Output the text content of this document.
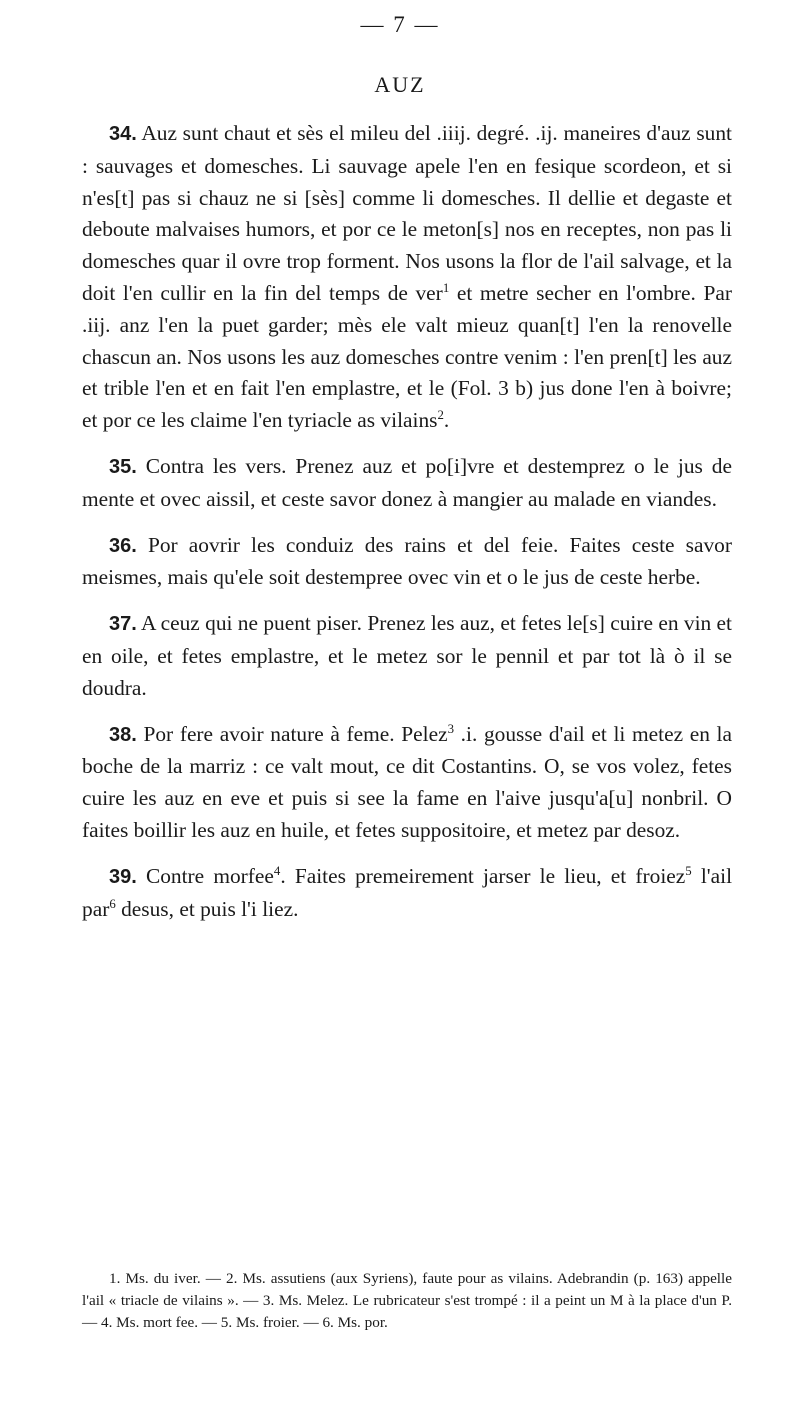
— 7 —
AUZ

34. Auz sunt chaut et sès el mileu del .iiij. degré. .ij. maneires d'auz sunt : sauvages et domesches. Li sauvage apele l'en en fesique scordeon, et si n'es[t] pas si chauz ne si [sès] comme li domesches. Il dellie et degaste et deboute malvaises humors, et por ce le meton[s] nos en receptes, non pas li domesches quar il ovre trop forment. Nos usons la flor de l'ail salvage, et la doit l'en cullir en la fin del temps de ver$^1$ et metre secher en l'ombre. Par .iij. anz l'en la puet garder; mès ele valt mieuz quan[t] l'en la renovelle chascun an. Nos usons les auz domesches contre venim : l'en pren[t] les auz et trible l'en et en fait l'en emplastre, et le (Fol. 3 b) jus done l'en à boivre; et por ce les claime l'en tyriacle as vilains$^2$.

35. Contra les vers. Prenez auz et po[i]vre et destemprez o le jus de mente et ovec aissil, et ceste savor donez à mangier au malade en viandes.

36. Por aovrir les conduiz des rains et del feie. Faites ceste savor meismes, mais qu'ele soit destempree ovec vin et o le jus de ceste herbe.

37. A ceuz qui ne puent piser. Prenez les auz, et fetes le[s] cuire en vin et en oile, et fetes emplastre, et le metez sor le pennil et par tot là ò il se doudra.

38. Por fere avoir nature à feme. Pelez$^3$ .i. gousse d'ail et li metez en la boche de la marriz : ce valt mout, ce dit Costantins. O, se vos volez, fetes cuire les auz en eve et puis si see la fame en l'aive jusqu'a[u] nonbril. O faites boillir les auz en huile, et fetes suppositoire, et metez par desoz.

39. Contre morfee$^4$. Faites premeirement jarser le lieu, et froiez$^5$ l'ail par$^6$ desus, et puis l'i liez.

1. Ms. du iver. — 2. Ms. assutiens (aux Syriens), faute pour as vilains. Adebrandin (p. 163) appelle l'ail « triacle de vilains ». — 3. Ms. Melez. Le rubricateur s'est trompé : il a peint un M à la place d'un P. — 4. Ms. mort fee. — 5. Ms. froier. — 6. Ms. por.
